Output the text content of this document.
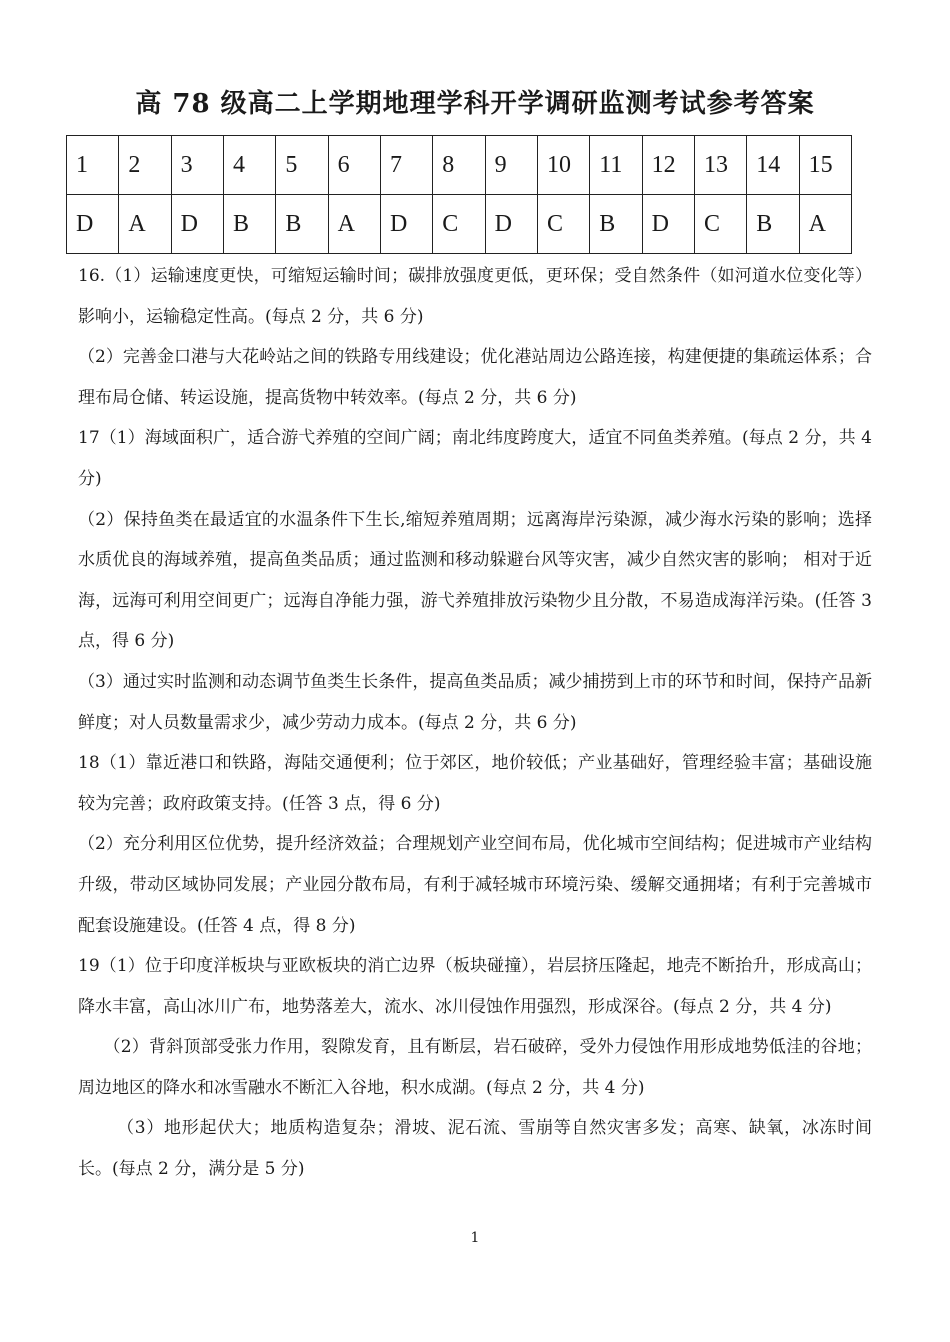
高 78 级高二上学期地理学科开学调研监测考试参考答案
1	2	3	4	5	6	7	8	9	10	11	12	13	14	15
D	A	D	B	B	A	D	C	D	C	B	D	C	B	A

16.（1）运输速度更快，可缩短运输时间；碳排放强度更低，更环保；受自然条件（如河道水位变化等）影响小，运输稳定性高。(每点 2 分，共 6 分)

（2）完善金口港与大花岭站之间的铁路专用线建设；优化港站周边公路连接，构建便捷的集疏运体系；合理布局仓储、转运设施，提高货物中转效率。(每点 2 分，共 6 分)

17（1）海域面积广，适合游弋养殖的空间广阔；南北纬度跨度大，适宜不同鱼类养殖。(每点 2 分，共 4 分)

（2）保持鱼类在最适宜的水温条件下生长,缩短养殖周期；远离海岸污染源，减少海水污染的影响；选择水质优良的海域养殖，提高鱼类品质；通过监测和移动躲避台风等灾害，减少自然灾害的影响； 相对于近海，远海可利用空间更广；远海自净能力强，游弋养殖排放污染物少且分散，不易造成海洋污染。(任答 3 点，得 6 分)

（3）通过实时监测和动态调节鱼类生长条件，提高鱼类品质；减少捕捞到上市的环节和时间，保持产品新鲜度；对人员数量需求少，减少劳动力成本。(每点 2 分，共 6 分)

18（1）靠近港口和铁路，海陆交通便利；位于郊区，地价较低；产业基础好，管理经验丰富；基础设施较为完善；政府政策支持。(任答 3 点，得 6 分)

（2）充分利用区位优势，提升经济效益；合理规划产业空间布局，优化城市空间结构；促进城市产业结构升级，带动区域协同发展；产业园分散布局，有利于减轻城市环境污染、缓解交通拥堵；有利于完善城市配套设施建设。(任答 4 点，得 8 分)

19（1）位于印度洋板块与亚欧板块的消亡边界（板块碰撞），岩层挤压隆起，地壳不断抬升，形成高山；降水丰富，高山冰川广布，地势落差大，流水、冰川侵蚀作用强烈，形成深谷。(每点 2 分，共 4 分)

（2）背斜顶部受张力作用，裂隙发育，且有断层，岩石破碎，受外力侵蚀作用形成地势低洼的谷地；周边地区的降水和冰雪融水不断汇入谷地，积水成湖。(每点 2 分，共 4 分)

（3）地形起伏大；地质构造复杂；滑坡、泥石流、雪崩等自然灾害多发；高寒、缺氧，冰冻时间长。(每点 2 分，满分是 5 分)

1
